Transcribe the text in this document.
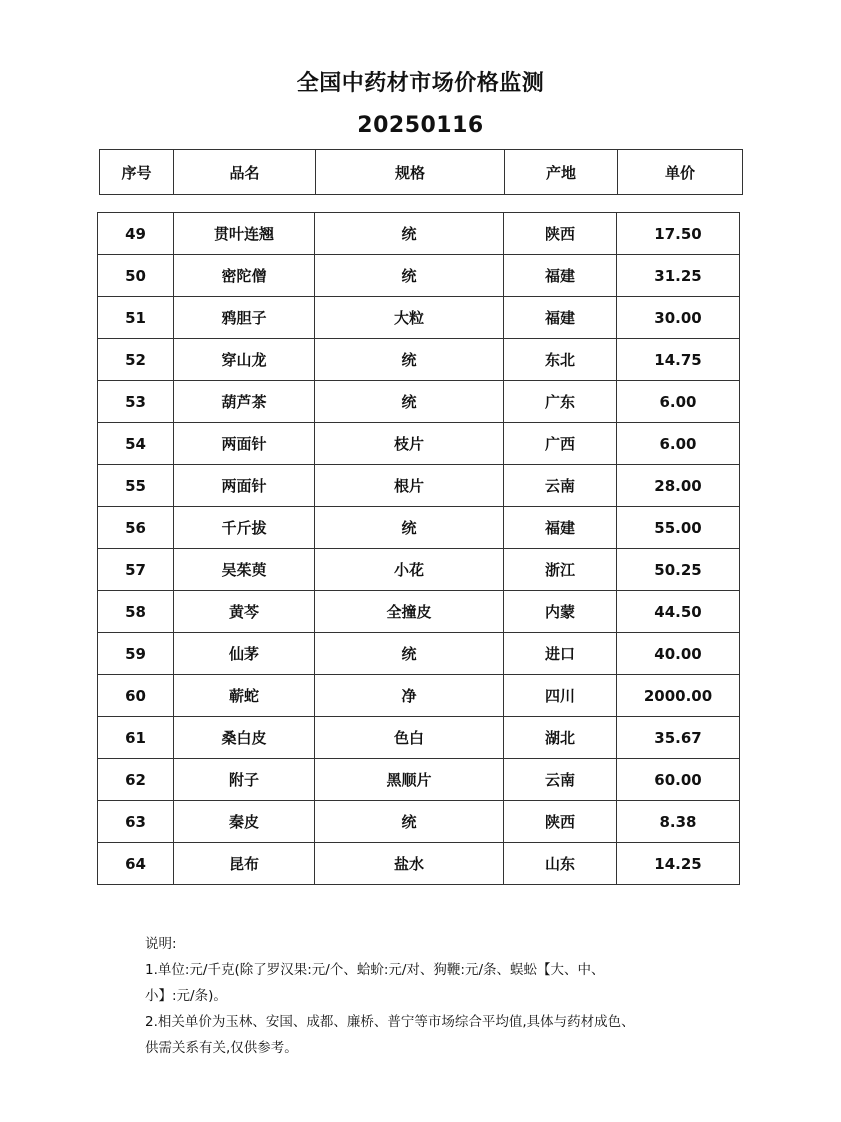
全国中药材市场价格监测
20250116
序号	品名	规格	产地	单价
49	贯叶连翘	统	陕西	17.50
50	密陀僧	统	福建	31.25
51	鸦胆子	大粒	福建	30.00
52	穿山龙	统	东北	14.75
53	葫芦茶	统	广东	6.00
54	两面针	枝片	广西	6.00
55	两面针	根片	云南	28.00
56	千斤拔	统	福建	55.00
57	吴茱萸	小花	浙江	50.25
58	黄芩	全撞皮	内蒙	44.50
59	仙茅	统	进口	40.00
60	蕲蛇	净	四川	2000.00
61	桑白皮	色白	湖北	35.67
62	附子	黑顺片	云南	60.00
63	秦皮	统	陕西	8.38
64	昆布	盐水	山东	14.25

说明:

1.单位:元/千克(除了罗汉果:元/个、蛤蚧:元/对、狗鞭:元/条、蜈蚣【大、中、

小】:元/条)。

2.相关单价为玉林、安国、成都、廉桥、普宁等市场综合平均值,具体与药材成色、

供需关系有关,仅供参考。
